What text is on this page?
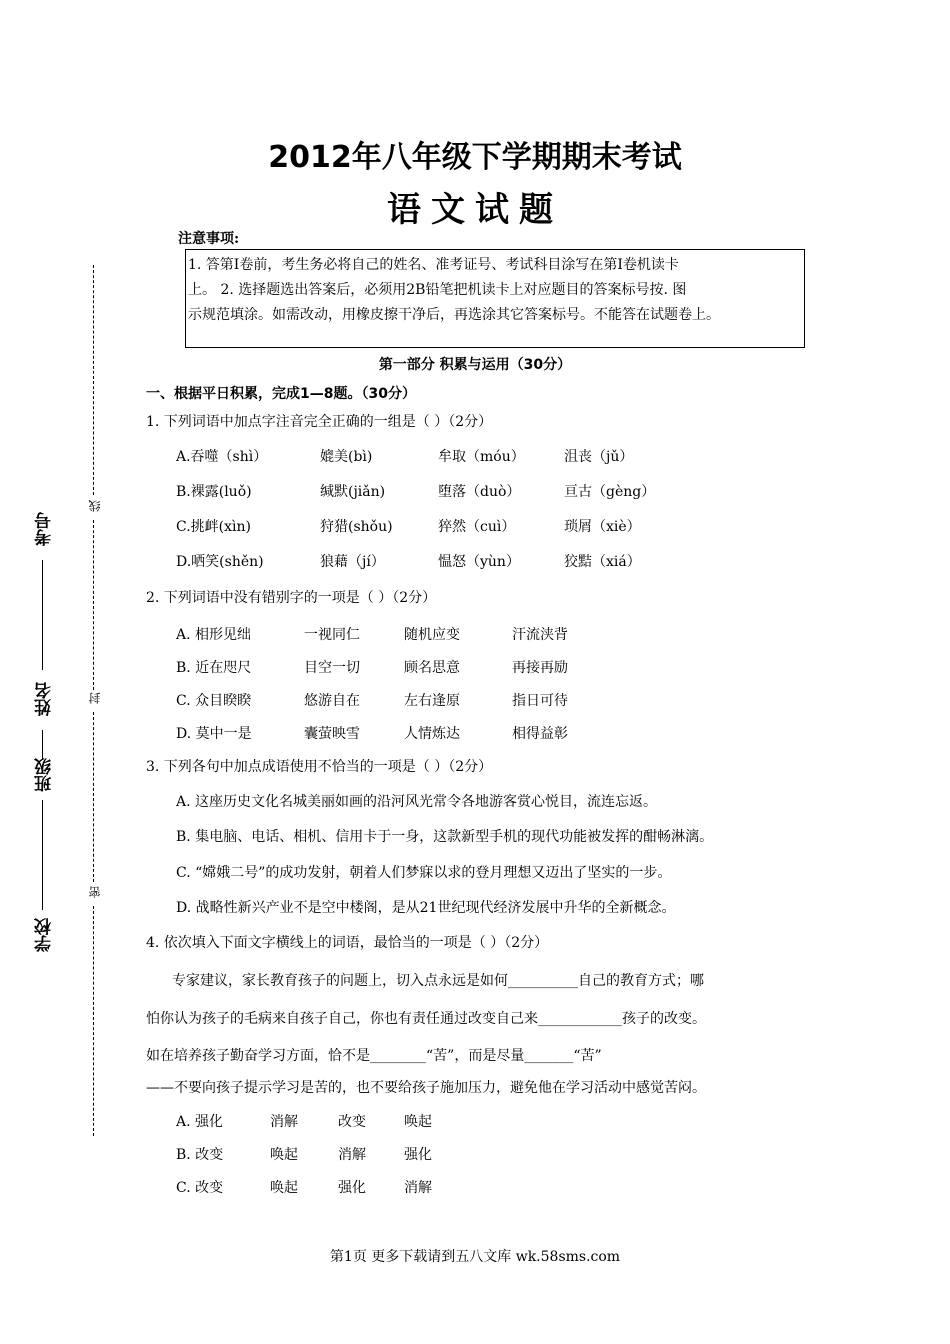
2012年八年级下学期期末考试
语文试题
注意事项:
1. 答第Ⅰ卷前，考生务必将自己的姓名、准考证号、考试科目涂写在第Ⅰ卷机读卡
上。 2. 选择题选出答案后，必须用2B铅笔把机读卡上对应题目的答案标号按. 图
示规范填涂。如需改动，用橡皮擦干净后，再选涂其它答案标号。不能答在试题卷上。
第一部分 积累与运用（30分）
一、根据平日积累，完成1—8题。（30分）
1. 下列词语中加点字注音完全正确的一组是（ ）（2分）
A.吞噬（shì）	媲美(bì)	牟取（móu）	沮丧（jǔ）
B.裸露(luǒ)	缄默(jiǎn)	堕落（duò）	亘古（gèng）
C.挑衅(xìn)	狩猎(shǒu)	猝然（cuì）	琐屑（xiè）
D.哂笑(shěn)	狼藉（jí）	愠怒（yùn）	狡黠（xiá）
2. 下列词语中没有错别字的一项是（ ）（2分）
A. 相形见绌	一视同仁	随机应变	汗流浃背
B. 近在咫尺	目空一切	顾名思意	再接再励
C. 众目睽睽	悠游自在	左右逢原	指日可待
D. 莫中一是	囊萤映雪	人情炼达	相得益彰
3. 下列各句中加点成语使用不恰当的一项是（ ）（2分）
A. 这座历史文化名城美丽如画的沿河风光常令各地游客赏心悦目，流连忘返。
B. 集电脑、电话、相机、信用卡于一身，这款新型手机的现代功能被发挥的酣畅淋漓。
C. “嫦娥二号”的成功发射，朝着人们梦寐以求的登月理想又迈出了坚实的一步。
D. 战略性新兴产业不是空中楼阁，是从21世纪现代经济发展中升华的全新概念。
4. 依次填入下面文字横线上的词语，最恰当的一项是（ ）（2分）
专家建议，家长教育孩子的问题上，切入点永远是如何__________自己的教育方式；哪
怕你认为孩子的毛病来自孩子自己，你也有责任通过改变自己来____________孩子的改变。
如在培养孩子勤奋学习方面，恰不是________“苦”，而是尽量_______“苦”
——不要向孩子提示学习是苦的，也不要给孩子施加压力，避免他在学习活动中感觉苦闷。
A. 强化	消解	改变	唤起
B. 改变	唤起	消解	强化
C. 改变	唤起	强化	消解
考号
姓名
班级
学校
线
封
密
第1页 更多下载请到五八文库 wk.58sms.com
